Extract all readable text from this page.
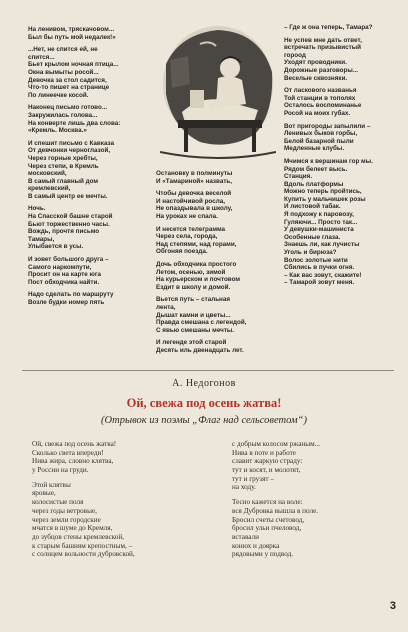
На ленивом, тряскачовом...
Был бы путь мой недалек!»
...Нет, не спится ей, не
спится...
Бьет крылом ночная птица...
Окна вымыты росой...
Девочка за стол садится,
Что-то пишет на странице
По линеечке косой.
Наконец письмо готово...
Закружилась голова...
На конверте лишь два слова:
«Кремль. Москва.»
И спешит письмо с Кавказа
От девчонки черноглазой,
Через горные хребты,
Через степи, в Кремль
московский,
В самый главный дом
кремлевский,
В самый центр ее мечты.
Ночь.
На Спасской башне старой
Бьют торжественно часы.
Вождь, прочтя письмо
Тамары,
Улыбается в усы.
И зовет большого друга –
Самого наркомпути,
Просит он на карте юга
Пост обходчика найти.
Надо сделать по маршруту
Возле будки номер пять
Остановку в полминуты
И «Тамариной» назвать,
Чтобы девочка веселой
И настойчивой росла,
Не опаздывала в школу,
На уроках не спала.
И несется телеграмма
Через села, города,
Над степями, над горами,
Обгоняя поезда.
Дочь обходчика простого
Летом, осенью, зимой
На курьерском и почтовом
Ездит в школу и домой.
Вьется путь – стальная
лента,
Дышат камни и цветы...
Правда смешана с легендой,
С явью смешаны мечты.
И легенде этой старой
Десять иль двенадцать лет.
– Где ж она теперь, Тамара?
Не успев мне дать ответ,
встречать призывистый
гороод
Уходят проводники.
Дорожные разговоры...
Веселые сквозняки.
От ласкового названья
Той станции в тополях
Осталось воспоминанье
Росой на моих губах.
Вот пригороды запылили –
Ленивых быков горбы,
Белой базарной пыли
Медленные клубы.
Мчимся к вершинам гор мы.
Рядом белеет высь.
Станция.
Вдоль платформы
Можно теперь пройтись,
Купить у мальчишек розы
И листовой табак.
Я подхожу к паровозу,
Гуляючи... Просто так...
У девушки-машиниста
Особенные глаза.
Знаешь ли, как лучисты
Уголь и бирюза?
Волос золотые нити
Сбились в пучки огня.
– Как вас зовут, скажите!
– Тамарой зовут меня.
А. Недогонов
Ой, свежа под осень жатва!
(Отрывок из поэмы „Флаг над сельсоветом“)
Ой, свежа под осень жатва!
Сколько света впереди!
Нива жира, словно клятва,
у России на груди.
Этой клятвы
яровые,
колосистые поля
через годы ветровые,
через земли городские
мчатся в шуме до Кремля,
до зубцов стены кремлевской,
к старым башням крепостным, –
с солнцем вольности дубровской,
с добрым колосом ржаным...
Нива в поте и работе
славит жаркую страду:
тут и косят, и молотят,
тут и грузят –
на ходу.
Тесно кажется на воле:
вся Дубровка вышла в поле.
Бросил счеты счетовод,
бросил ульи пчеловод,
вставали
конюх и доярка
рядовыми у подвод.
3
